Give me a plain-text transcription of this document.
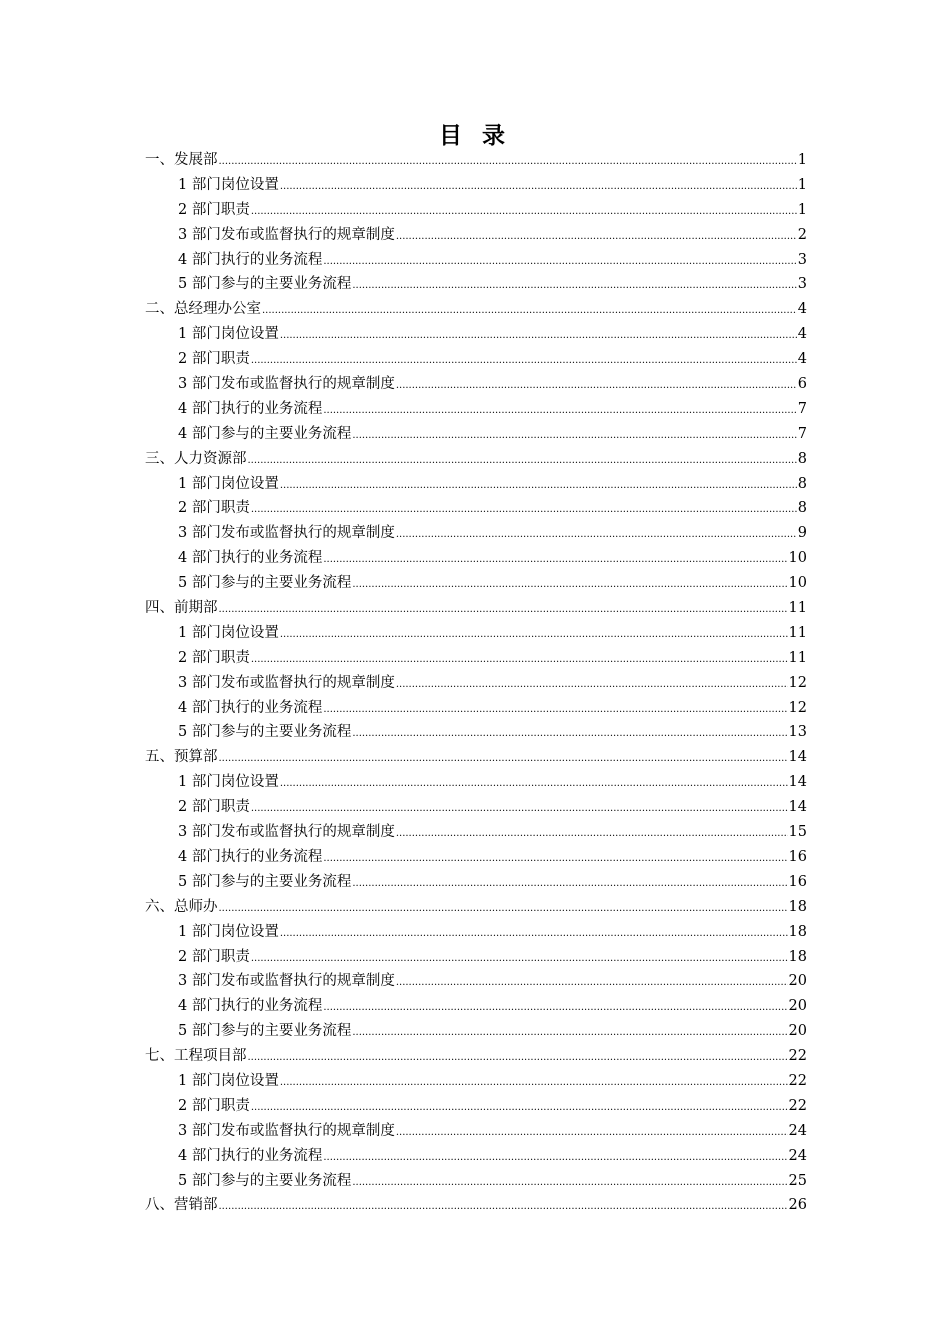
目 录
一、发展部 .....	1
1 部门岗位设置 .....	1
2 部门职责 .....	1
3 部门发布或监督执行的规章制度 .....	2
4 部门执行的业务流程 .....	3
5 部门参与的主要业务流程 .....	3
二、总经理办公室 .....	4
1 部门岗位设置 .....	4
2 部门职责 .....	4
3 部门发布或监督执行的规章制度 .....	6
4 部门执行的业务流程 .....	7
4 部门参与的主要业务流程 .....	7
三、人力资源部 .....	8
1 部门岗位设置 .....	8
2 部门职责 .....	8
3 部门发布或监督执行的规章制度 .....	9
4 部门执行的业务流程 .....	10
5 部门参与的主要业务流程 .....	10
四、前期部 .....	11
1 部门岗位设置 .....	11
2 部门职责 .....	11
3 部门发布或监督执行的规章制度 .....	12
4 部门执行的业务流程 .....	12
5 部门参与的主要业务流程 .....	13
五、预算部 .....	14
1 部门岗位设置 .....	14
2 部门职责 .....	14
3 部门发布或监督执行的规章制度 .....	15
4 部门执行的业务流程 .....	16
5 部门参与的主要业务流程 .....	16
六、总师办 .....	18
1 部门岗位设置 .....	18
2 部门职责 .....	18
3 部门发布或监督执行的规章制度 .....	20
4 部门执行的业务流程 .....	20
5 部门参与的主要业务流程 .....	20
七、工程项目部 .....	22
1 部门岗位设置 .....	22
2 部门职责 .....	22
3 部门发布或监督执行的规章制度 .....	24
4 部门执行的业务流程 .....	24
5 部门参与的主要业务流程 .....	25
八、营销部 .....	26
